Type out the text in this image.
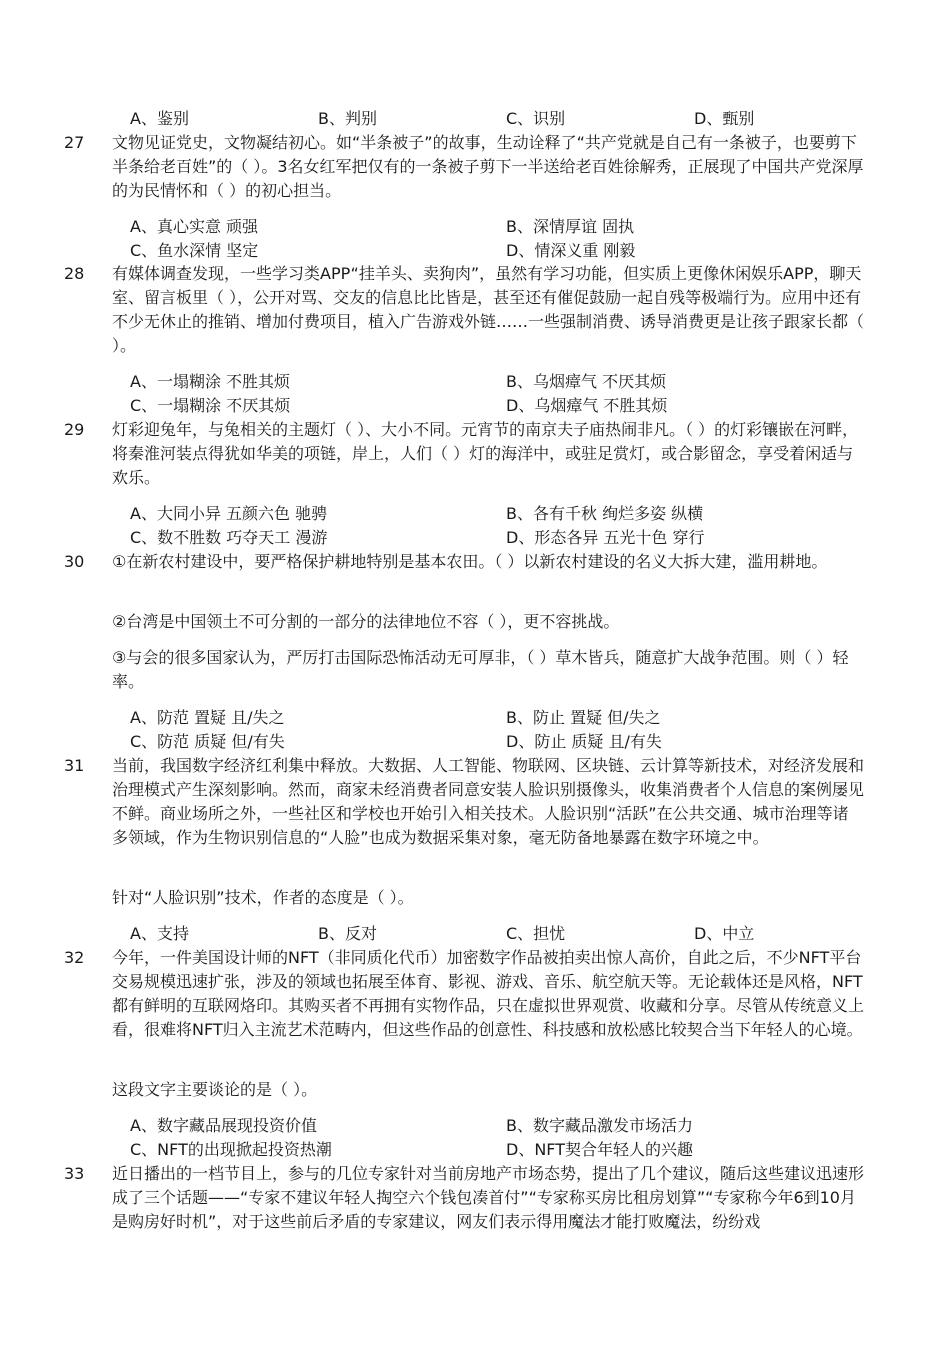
A、鉴别	B、判别	C、识别	D、甄别
27 文物见证党史，文物凝结初心。如“半条被子”的故事，生动诠释了“共产党就是自己有一条被子，也要剪下半条给老百姓”的（ ）。3名女红军把仅有的一条被子剪下一半送给老百姓徐解秀，正展现了中国共产党深厚的为民情怀和（ ）的初心担当。

A、真心实意 顽强	B、深情厚谊 固执
C、鱼水深情 坚定	D、情深义重 刚毅
28 有媒体调查发现，一些学习类APP“挂羊头、卖狗肉”，虽然有学习功能，但实质上更像休闲娱乐APP，聊天室、留言板里（ ），公开对骂、交友的信息比比皆是，甚至还有催促鼓励一起自残等极端行为。应用中还有不少无休止的推销、增加付费项目，植入广告游戏外链……一些强制消费、诱导消费更是让孩子跟家长都（ ）。

A、一塌糊涂 不胜其烦	B、乌烟瘴气 不厌其烦
C、一塌糊涂 不厌其烦	D、乌烟瘴气 不胜其烦
29 灯彩迎兔年，与兔相关的主题灯（ ）、大小不同。元宵节的南京夫子庙热闹非凡。（ ）的灯彩镶嵌在河畔，将秦淮河装点得犹如华美的项链，岸上，人们（ ）灯的海洋中，或驻足赏灯，或合影留念，享受着闲适与欢乐。

A、大同小异 五颜六色 驰骋	B、各有千秋 绚烂多姿 纵横
C、数不胜数 巧夺天工 漫游	D、形态各异 五光十色 穿行
30 ①在新农村建设中，要严格保护耕地特别是基本农田。（ ）以新农村建设的名义大拆大建，滥用耕地。

②台湾是中国领土不可分割的一部分的法律地位不容（ ），更不容挑战。

③与会的很多国家认为，严厉打击国际恐怖活动无可厚非，（ ）草木皆兵，随意扩大战争范围。则（ ）轻率。

A、防范 置疑 且/失之	B、防止 置疑 但/失之
C、防范 质疑 但/有失	D、防止 质疑 且/有失
31 当前，我国数字经济红利集中释放。大数据、人工智能、物联网、区块链、云计算等新技术，对经济发展和治理模式产生深刻影响。然而，商家未经消费者同意安装人脸识别摄像头，收集消费者个人信息的案例屡见不鲜。商业场所之外，一些社区和学校也开始引入相关技术。人脸识别“活跃”在公共交通、城市治理等诸多领域，作为生物识别信息的“人脸”也成为数据采集对象，毫无防备地暴露在数字环境之中。

针对“人脸识别”技术，作者的态度是（ ）。

A、支持	B、反对	C、担忧	D、中立
32 今年，一件美国设计师的NFT（非同质化代币）加密数字作品被拍卖出惊人高价，自此之后，不少NFT平台交易规模迅速扩张，涉及的领域也拓展至体育、影视、游戏、音乐、航空航天等。无论载体还是风格，NFT都有鲜明的互联网烙印。其购买者不再拥有实物作品，只在虚拟世界观赏、收藏和分享。尽管从传统意义上看，很难将NFT归入主流艺术范畴内，但这些作品的创意性、科技感和放松感比较契合当下年轻人的心境。

这段文字主要谈论的是（ ）。

A、数字藏品展现投资价值	B、数字藏品激发市场活力
C、NFT的出现掀起投资热潮	D、NFT契合年轻人的兴趣
33 近日播出的一档节目上，参与的几位专家针对当前房地产市场态势，提出了几个建议，随后这些建议迅速形成了三个话题——“专家不建议年轻人掏空六个钱包凑首付”“专家称买房比租房划算”“专家称今年6到10月是购房好时机”，对于这些前后矛盾的专家建议，网友们表示得用魔法才能打败魔法，纷纷戏
